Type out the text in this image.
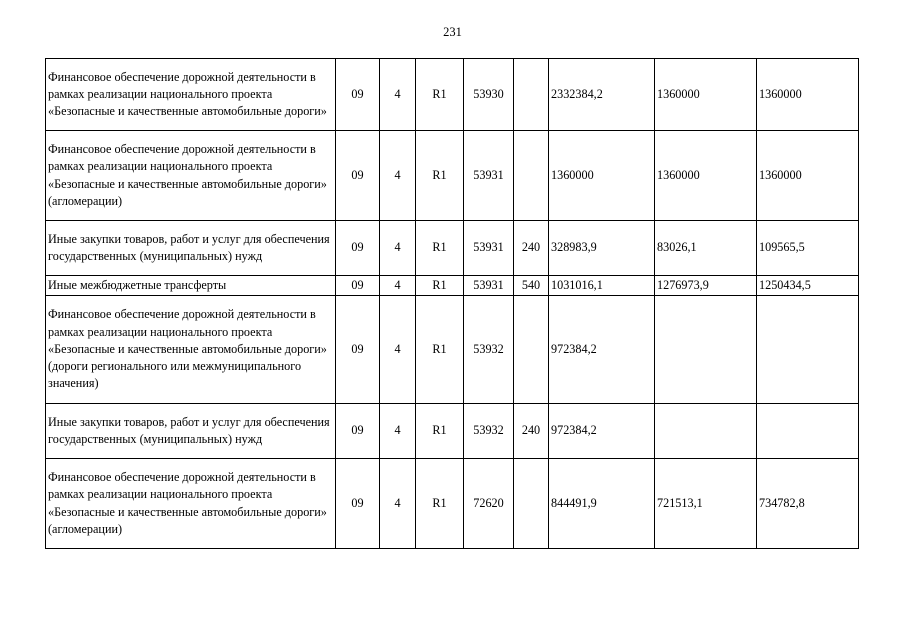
231
Финансовое обеспечение дорожной деятельности в рамках реализации национального проекта «Безопасные и качественные автомобильные дороги»	09	4	R1	53930		2332384,2	1360000	1360000
Финансовое обеспечение дорожной деятельности в рамках реализации национального проекта «Безопасные и качественные автомобильные дороги» (агломерации)	09	4	R1	53931		1360000	1360000	1360000
Иные закупки товаров, работ и услуг для обеспечения государственных (муниципальных) нужд	09	4	R1	53931	240	328983,9	83026,1	109565,5
Иные межбюджетные трансферты	09	4	R1	53931	540	1031016,1	1276973,9	1250434,5
Финансовое обеспечение дорожной деятельности в рамках реализации национального проекта «Безопасные и качественные автомобильные дороги» (дороги регионального или межмуниципального значения)	09	4	R1	53932		972384,2		
Иные закупки товаров, работ и услуг для обеспечения государственных (муниципальных) нужд	09	4	R1	53932	240	972384,2		
Финансовое обеспечение дорожной деятельности в рамках реализации национального проекта «Безопасные и качественные автомобильные дороги» (агломерации)	09	4	R1	72620		844491,9	721513,1	734782,8
